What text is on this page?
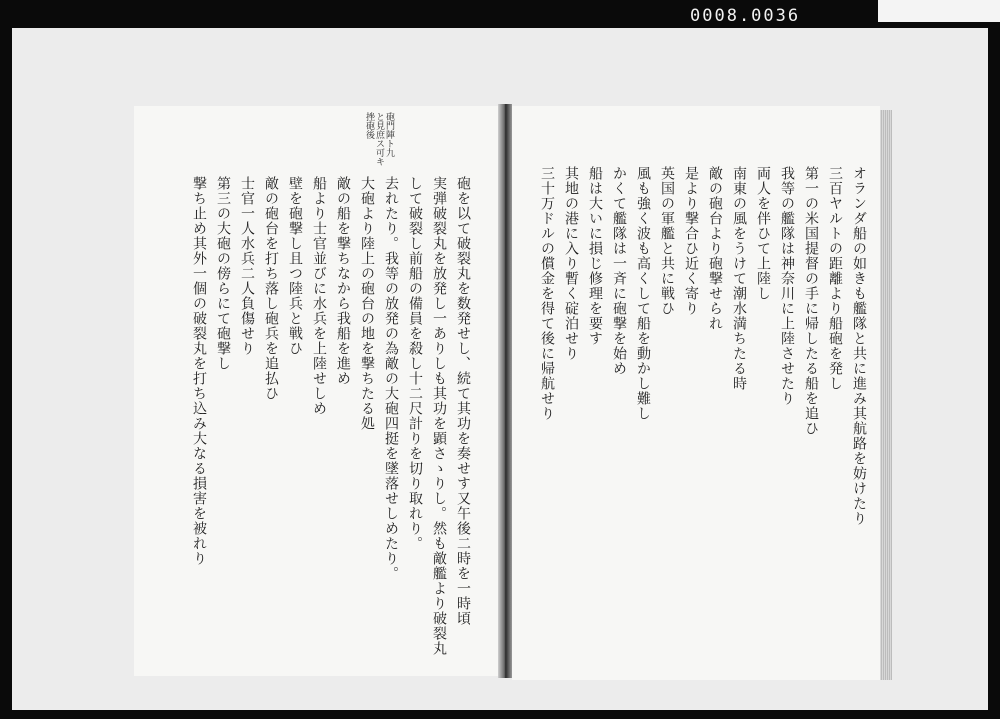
0008.0036
砲門陣ト九
と見庶ス可キ
挫砲後
砲を以て破裂丸を数発せし、続て其功を奏せす又午後二時を一時頃
実弾破裂丸を放発し一ありしも其功を顕さゝりし。然も敵艦より破裂丸
して破裂し前船の備員を殺し十二尺計りを切り取れり。
去れたり。我等の放発の為敵の大砲四挺を墜落せしめたり。
大砲より陸上の砲台の地を撃ちたる処
敵の船を撃ちなから我船を進め
船より士官並びに水兵を上陸せしめ
壁を砲撃し且つ陸兵と戦ひ
敵の砲台を打ち落し砲兵を追払ひ
士官一人水兵二人負傷せり
第三の大砲の傍らにて砲撃し
撃ち止め其外一個の破裂丸を打ち込み大なる損害を被れり	オランダ船の如きも艦隊と共に進み其航路を妨けたり
三百ヤルトの距離より船砲を発し
第一の米国提督の手に帰したる船を追ひ
我等の艦隊は神奈川に上陸させたり
両人を伴ひて上陸し
南東の風をうけて潮水満ちたる時
敵の砲台より砲撃せられ
是より撃合ひ近く寄り
英国の軍艦と共に戦ひ
風も強く波も高くして船を動かし難し
かくて艦隊は一斉に砲撃を始め
船は大いに損じ修理を要す
其地の港に入り暫く碇泊せり
三十万ドルの償金を得て後に帰航せり
